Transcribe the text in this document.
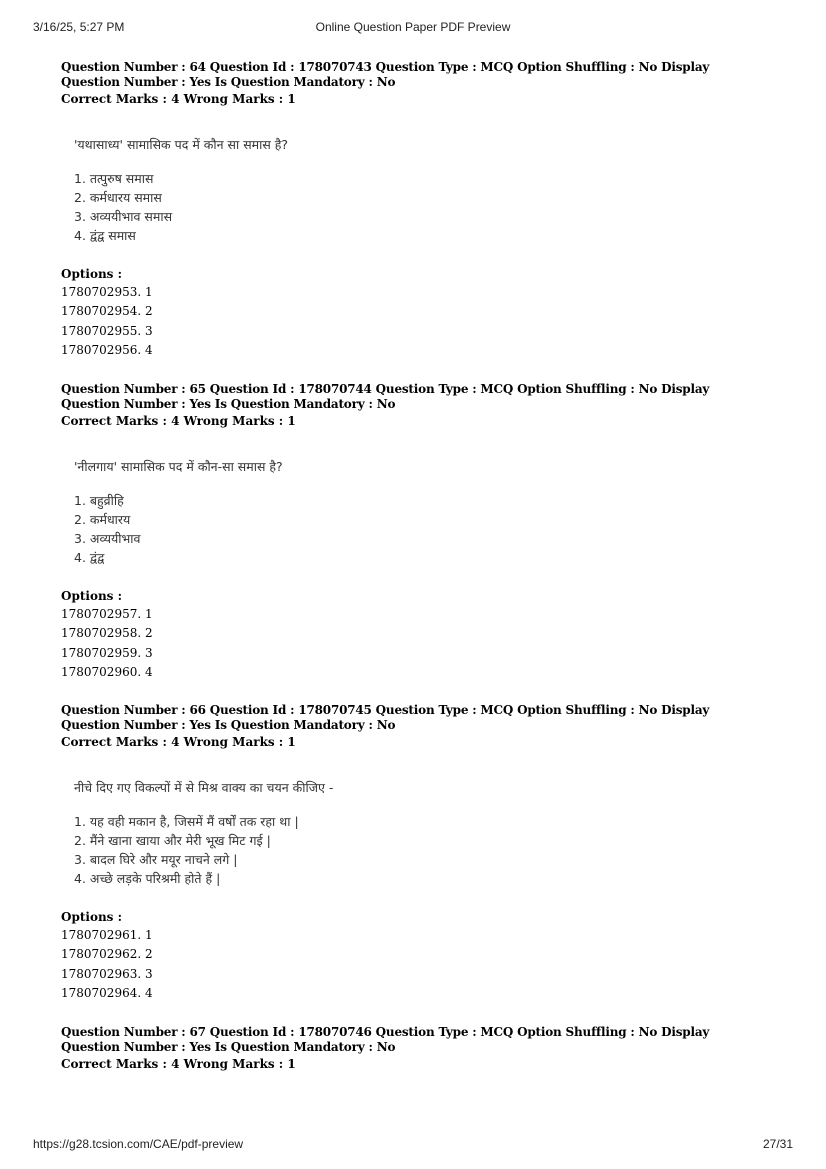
3/16/25, 5:27 PM	Online Question Paper PDF Preview
Question Number : 64 Question Id : 178070743 Question Type : MCQ Option Shuffling : No Display Question Number : Yes Is Question Mandatory : No
Correct Marks : 4 Wrong Marks : 1
'यथासाध्य' सामासिक पद में कौन सा समास है?
1. तत्पुरुष समास
2. कर्मधारय समास
3. अव्ययीभाव समास
4. द्वंद्व समास
Options :
1780702953. 1
1780702954. 2
1780702955. 3
1780702956. 4
Question Number : 65 Question Id : 178070744 Question Type : MCQ Option Shuffling : No Display Question Number : Yes Is Question Mandatory : No
Correct Marks : 4 Wrong Marks : 1
'नीलगाय' सामासिक पद में कौन-सा समास है?
1. बहुव्रीहि
2. कर्मधारय
3. अव्ययीभाव
4. द्वंद्व
Options :
1780702957. 1
1780702958. 2
1780702959. 3
1780702960. 4
Question Number : 66 Question Id : 178070745 Question Type : MCQ Option Shuffling : No Display Question Number : Yes Is Question Mandatory : No
Correct Marks : 4 Wrong Marks : 1
नीचे दिए गए विकल्पों में से मिश्र वाक्य का चयन कीजिए -
1. यह वही मकान है, जिसमें मैं वर्षों तक रहा था |
2. मैंने खाना खाया और मेरी भूख मिट गई |
3. बादल घिरे और मयूर नाचने लगे |
4. अच्छे लड़के परिश्रमी होते हैं |
Options :
1780702961. 1
1780702962. 2
1780702963. 3
1780702964. 4
Question Number : 67 Question Id : 178070746 Question Type : MCQ Option Shuffling : No Display Question Number : Yes Is Question Mandatory : No
Correct Marks : 4 Wrong Marks : 1
https://g28.tcsion.com/CAE/pdf-preview	27/31
